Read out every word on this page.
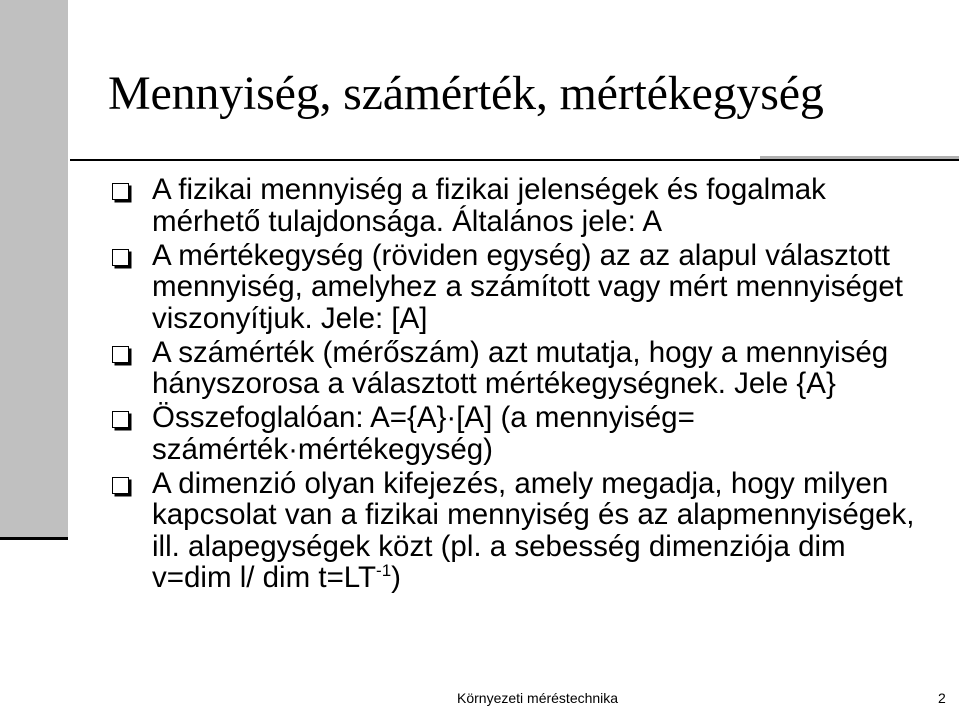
Mennyiség, számérték, mértékegység
A fizikai mennyiség a fizikai jelenségek és fogalmak mérhető tulajdonsága. Általános jele: A
A mértékegység (röviden egység) az az alapul választott mennyiség, amelyhez a számított vagy mért mennyiséget viszonyítjuk. Jele: [A]
A számérték (mérőszám) azt mutatja, hogy a mennyiség hányszorosa a választott mértékegységnek. Jele {A}
Összefoglalóan: A={A}·[A] (a mennyiség= számérték·mértékegység)
A dimenzió olyan kifejezés, amely megadja, hogy milyen kapcsolat van a fizikai mennyiség és az alapmennyiségek, ill. alapegységek közt (pl. a sebesség dimenziója dim v=dim l/ dim $t=LT^{-1}$)
Környezeti méréstechnika	2
